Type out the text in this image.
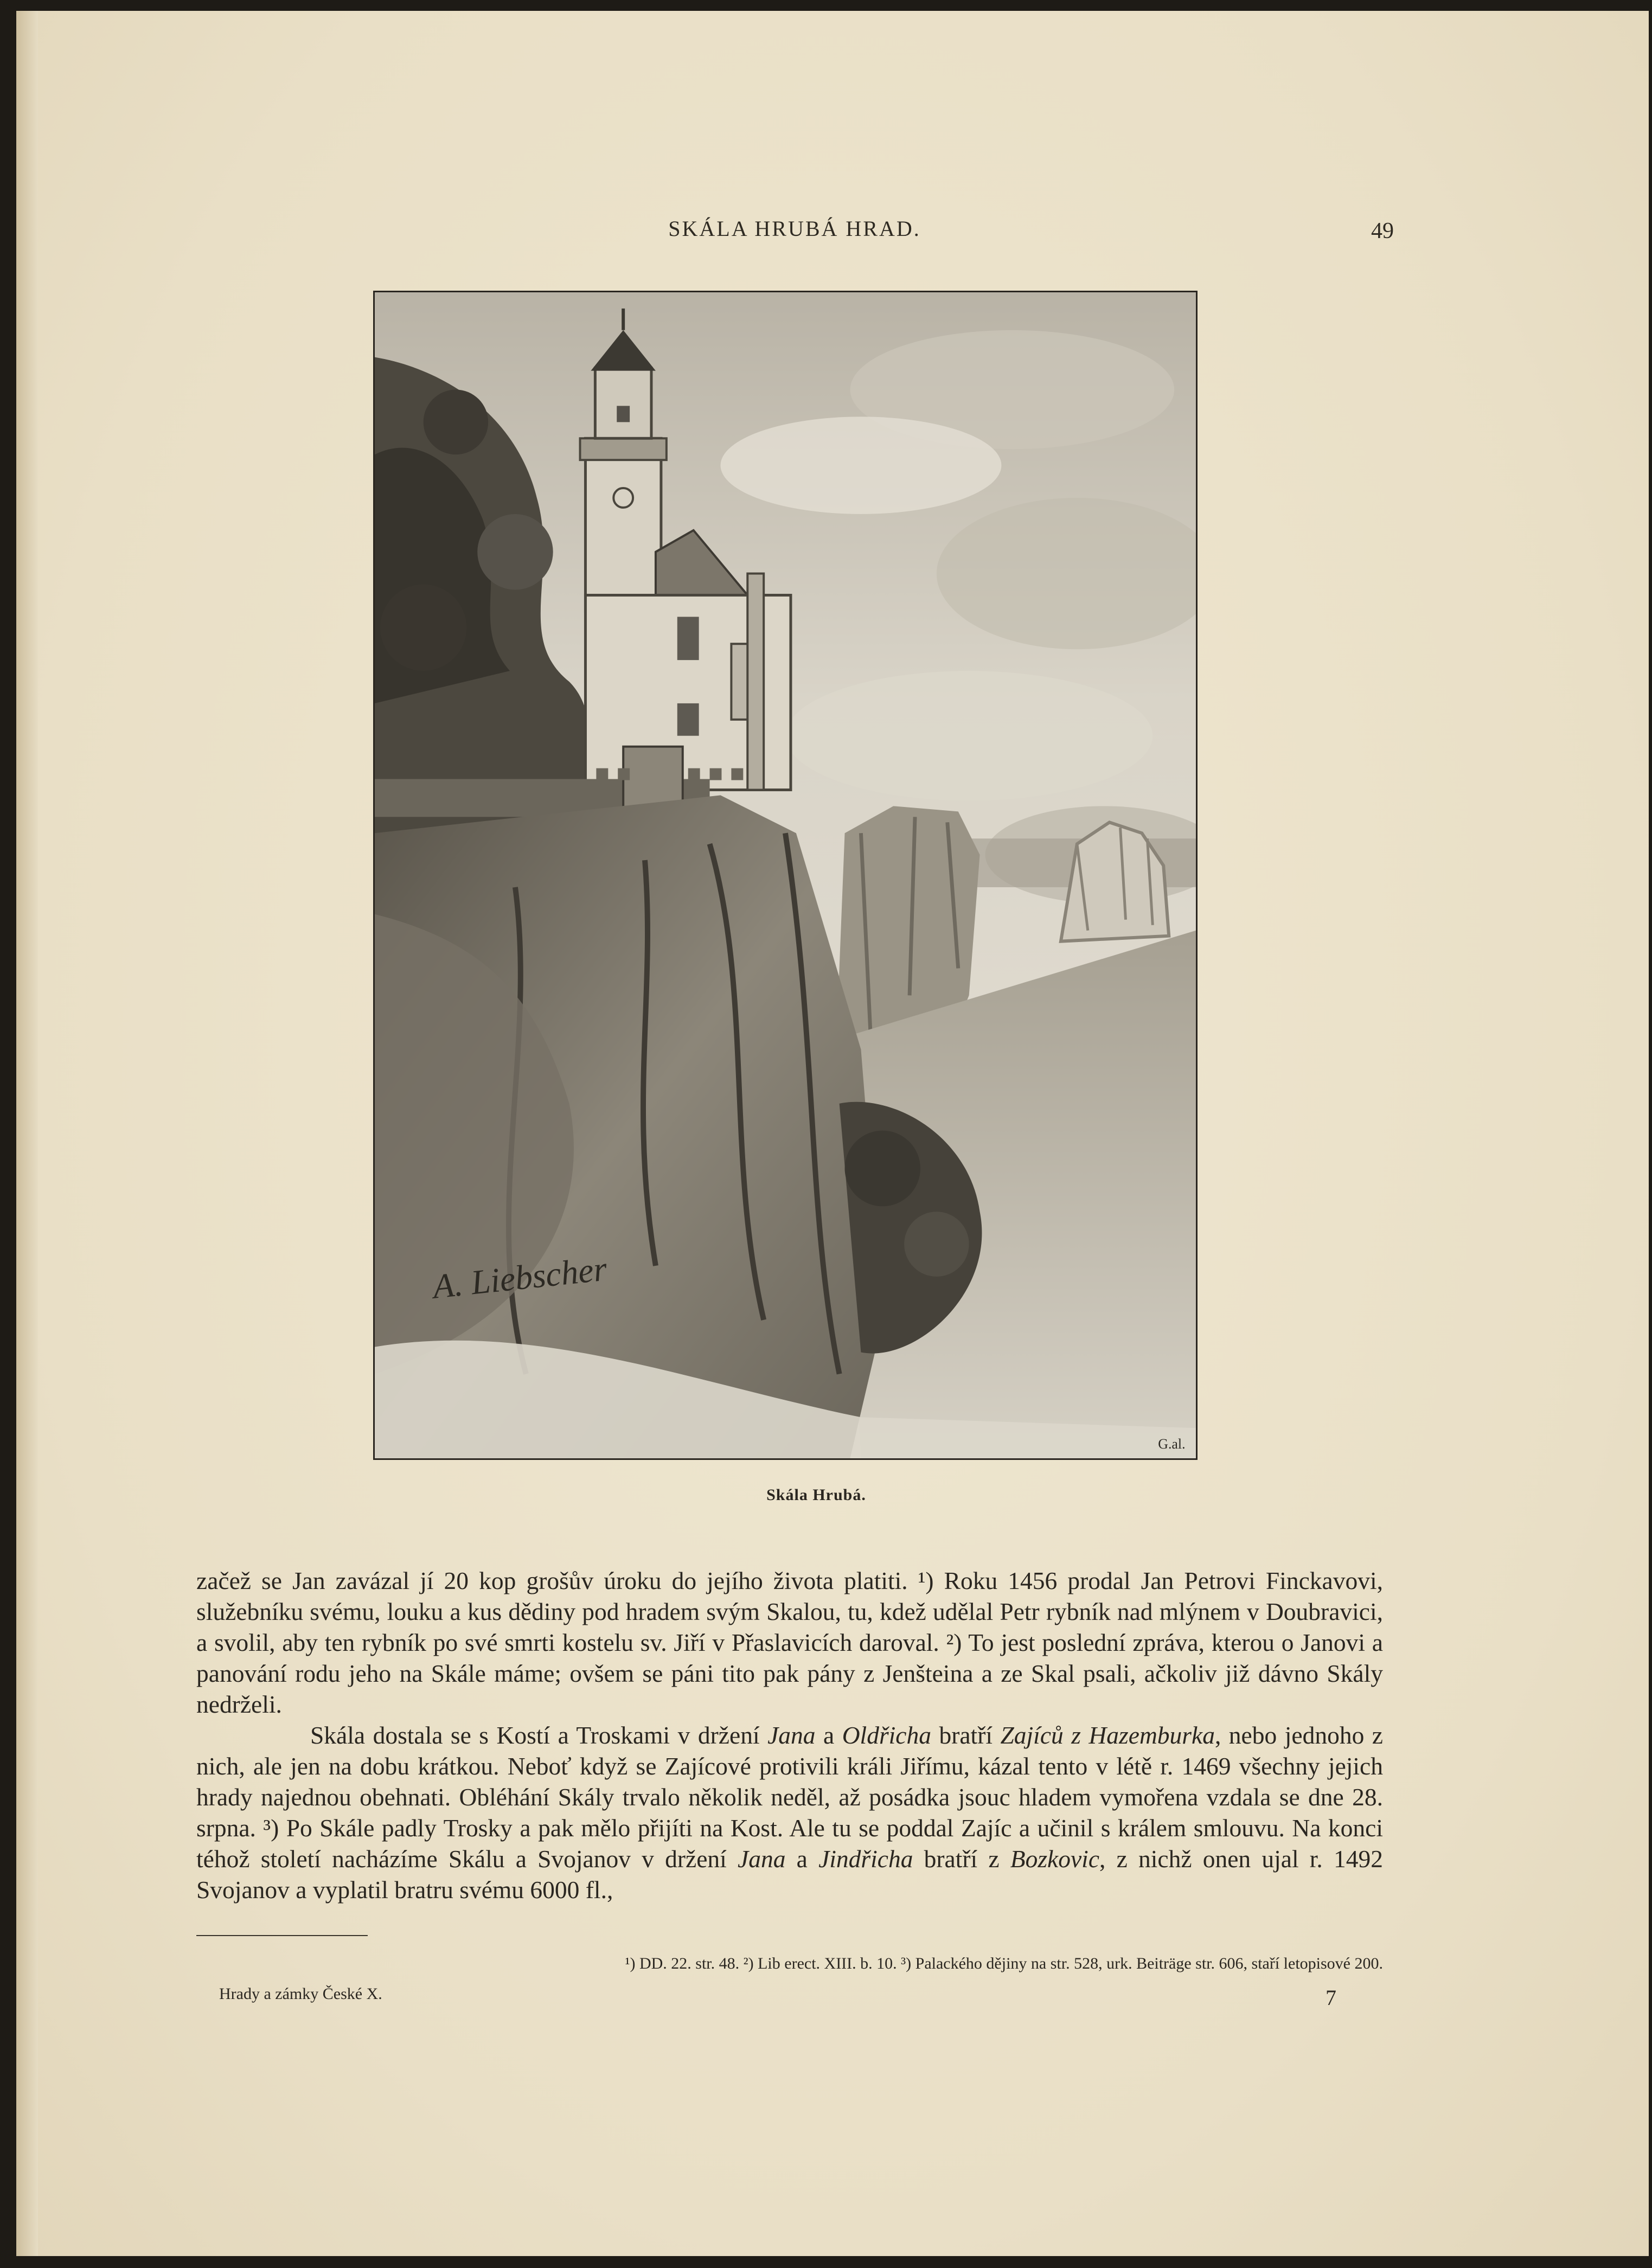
SKÁLA HRUBÁ HRAD.	49
A. Liebscher
G.al.
Skála Hrubá.

začež se Jan zavázal jí 20 kop grošův úroku do jejího života platiti. ¹) Roku 1456 prodal Jan Petrovi Finckavovi, služebníku svému, louku a kus dědiny pod hradem svým Skalou, tu, kdež udělal Petr rybník nad mlýnem v Doubravici, a svolil, aby ten rybník po své smrti kostelu sv. Jiří v Přaslavicích daroval. ²) To jest poslední zpráva, kterou o Janovi a panování rodu jeho na Skále máme; ovšem se páni tito pak pány z Jenšteina a ze Skal psali, ačkoliv již dávno Skály nedrželi.

Skála dostala se s Kostí a Troskami v držení Jana a Oldřicha bratří Zajíců z Hazemburka, nebo jednoho z nich, ale jen na dobu krátkou. Neboť když se Zajícové protivili králi Jiřímu, kázal tento v létě r. 1469 všechny jejich hrady najednou obehnati. Obléhání Skály trvalo několik neděl, až posádka jsouc hladem vymořena vzdala se dne 28. srpna. ³) Po Skále padly Trosky a pak mělo přijíti na Kost. Ale tu se poddal Zajíc a učinil s králem smlouvu. Na konci téhož století nacházíme Skálu a Svojanov v držení Jana a Jindřicha bratří z Bozkovic, z nichž onen ujal r. 1492 Svojanov a vyplatil bratru svému 6000 fl.,

¹) DD. 22. str. 48. ²) Lib erect. XIII. b. 10. ³) Palackého dějiny na str. 528, urk. Beiträge str. 606, staří letopisové 200.
Hrady a zámky České X.	7
